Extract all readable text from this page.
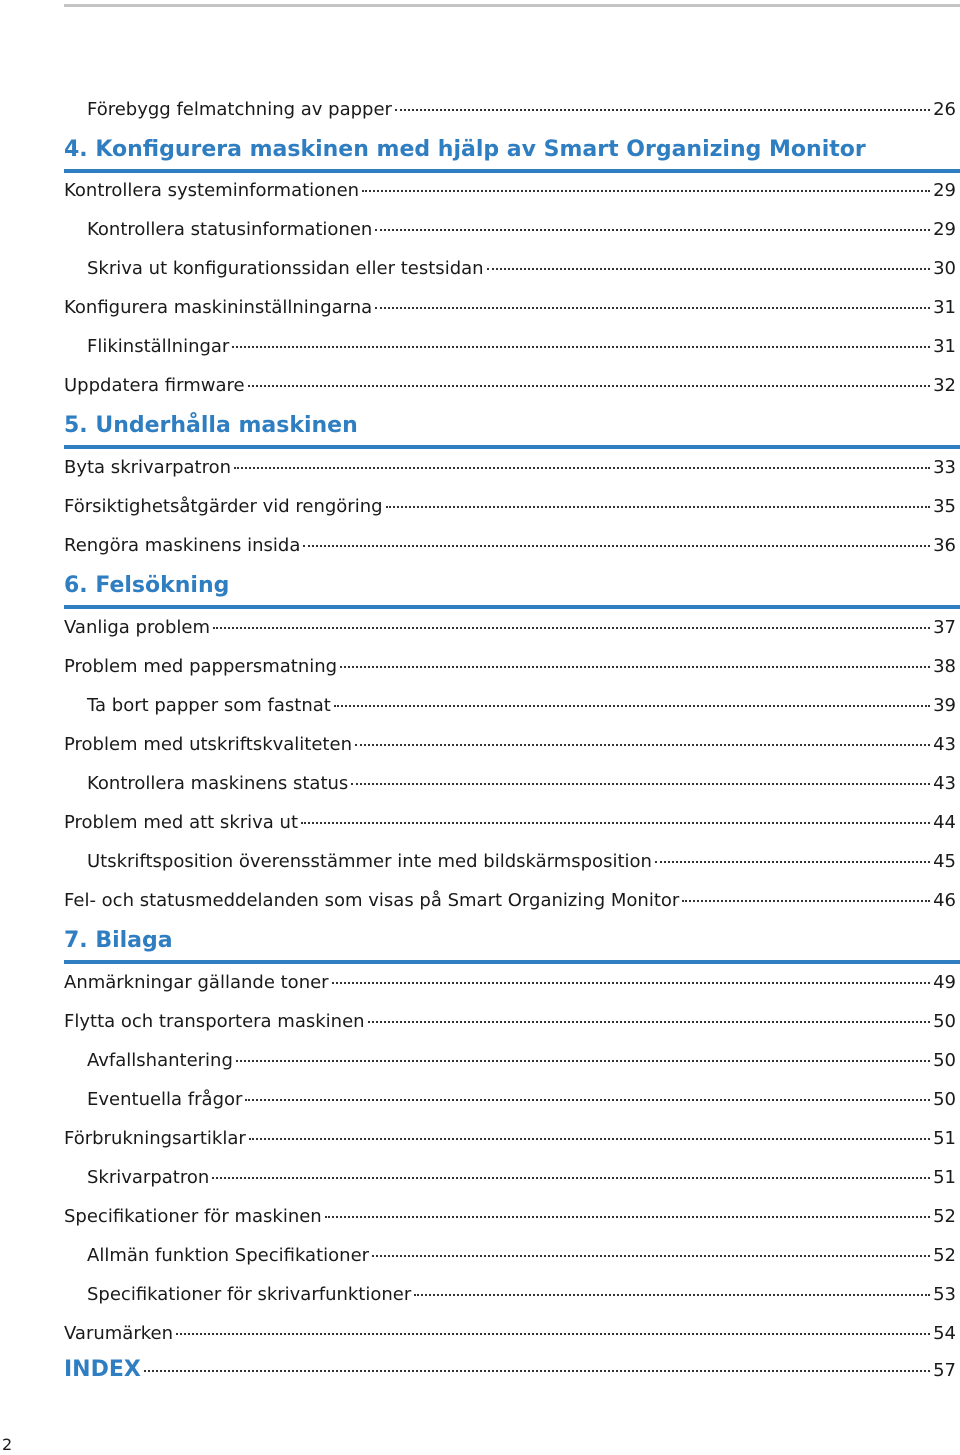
Förebygg felmatchning av papper	26
4. Konfigurera maskinen med hjälp av Smart Organizing Monitor
Kontrollera systeminformationen	29
Kontrollera statusinformationen	29
Skriva ut konfigurationssidan eller testsidan	30
Konfigurera maskininställningarna	31
Flikinställningar	31
Uppdatera firmware	32
5. Underhålla maskinen
Byta skrivarpatron	33
Försiktighetsåtgärder vid rengöring	35
Rengöra maskinens insida	36
6. Felsökning
Vanliga problem	37
Problem med pappersmatning	38
Ta bort papper som fastnat	39
Problem med utskriftskvaliteten	43
Kontrollera maskinens status	43
Problem med att skriva ut	44
Utskriftsposition överensstämmer inte med bildskärmsposition	45
Fel- och statusmeddelanden som visas på Smart Organizing Monitor	46
7. Bilaga
Anmärkningar gällande toner	49
Flytta och transportera maskinen	50
Avfallshantering	50
Eventuella frågor	50
Förbrukningsartiklar	51
Skrivarpatron	51
Specifikationer för maskinen	52
Allmän funktion Specifikationer	52
Specifikationer för skrivarfunktioner	53
Varumärken	54
INDEX	57
2
